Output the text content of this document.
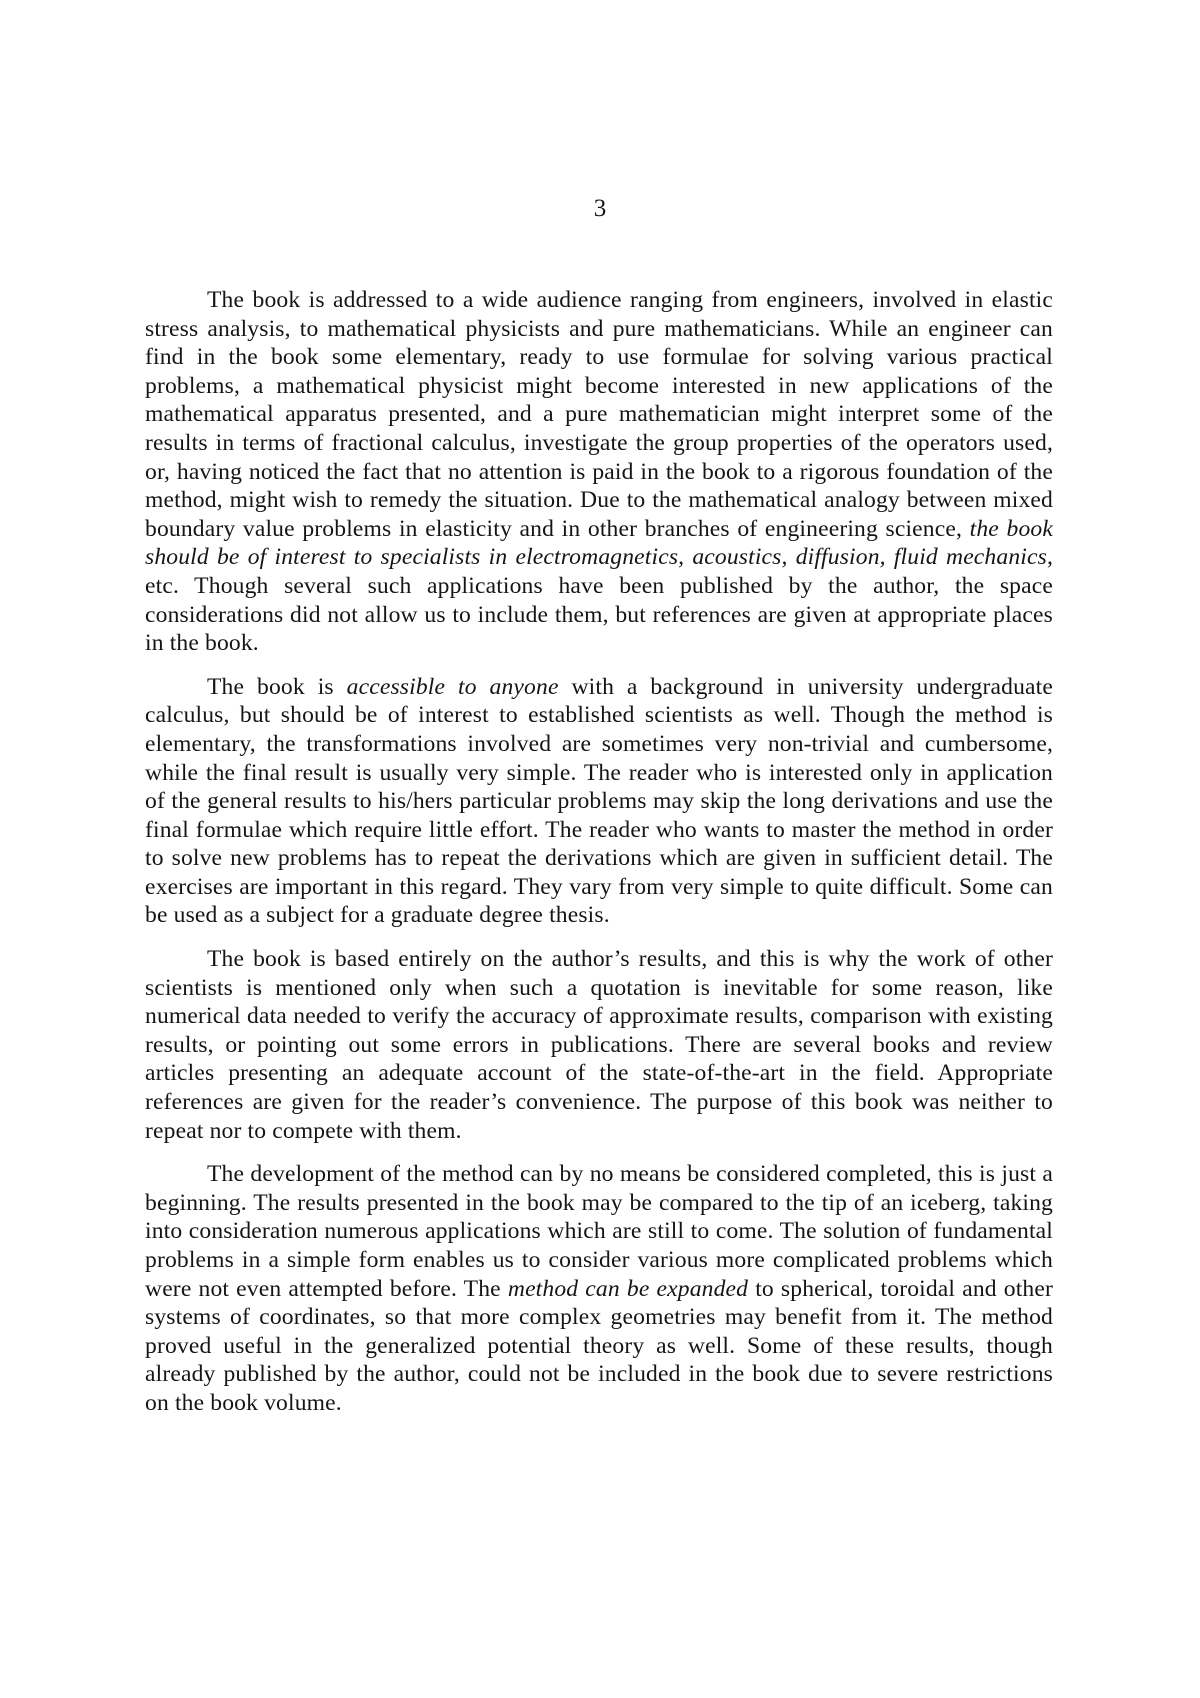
3

The book is addressed to a wide audience ranging from engineers, involved in elastic stress analysis, to mathematical physicists and pure mathematicians. While an engineer can find in the book some elementary, ready to use formulae for solving various practical problems, a mathematical physicist might become interested in new applications of the mathematical apparatus presented, and a pure mathematician might interpret some of the results in terms of fractional calculus, investigate the group properties of the operators used, or, having noticed the fact that no attention is paid in the book to a rigorous foundation of the method, might wish to remedy the situation. Due to the mathematical analogy between mixed boundary value problems in elasticity and in other branches of engineering science, the book should be of interest to specialists in electromagnetics, acoustics, diffusion, fluid mechanics, etc. Though several such applications have been published by the author, the space considerations did not allow us to include them, but references are given at appropriate places in the book.

The book is accessible to anyone with a background in university undergraduate calculus, but should be of interest to established scientists as well. Though the method is elementary, the transformations involved are sometimes very non-trivial and cumbersome, while the final result is usually very simple. The reader who is interested only in application of the general results to his/hers particular problems may skip the long derivations and use the final formulae which require little effort. The reader who wants to master the method in order to solve new problems has to repeat the derivations which are given in sufficient detail. The exercises are important in this regard. They vary from very simple to quite difficult. Some can be used as a subject for a graduate degree thesis.

The book is based entirely on the author’s results, and this is why the work of other scientists is mentioned only when such a quotation is inevitable for some reason, like numerical data needed to verify the accuracy of approximate results, comparison with existing results, or pointing out some errors in publications. There are several books and review articles presenting an adequate account of the state-of-the-art in the field. Appropriate references are given for the reader’s convenience. The purpose of this book was neither to repeat nor to compete with them.

The development of the method can by no means be considered completed, this is just a beginning. The results presented in the book may be compared to the tip of an iceberg, taking into consideration numerous applications which are still to come. The solution of fundamental problems in a simple form enables us to consider various more complicated problems which were not even attempted before. The method can be expanded to spherical, toroidal and other systems of coordinates, so that more complex geometries may benefit from it. The method proved useful in the generalized potential theory as well. Some of these results, though already published by the author, could not be included in the book due to severe restrictions on the book volume.
